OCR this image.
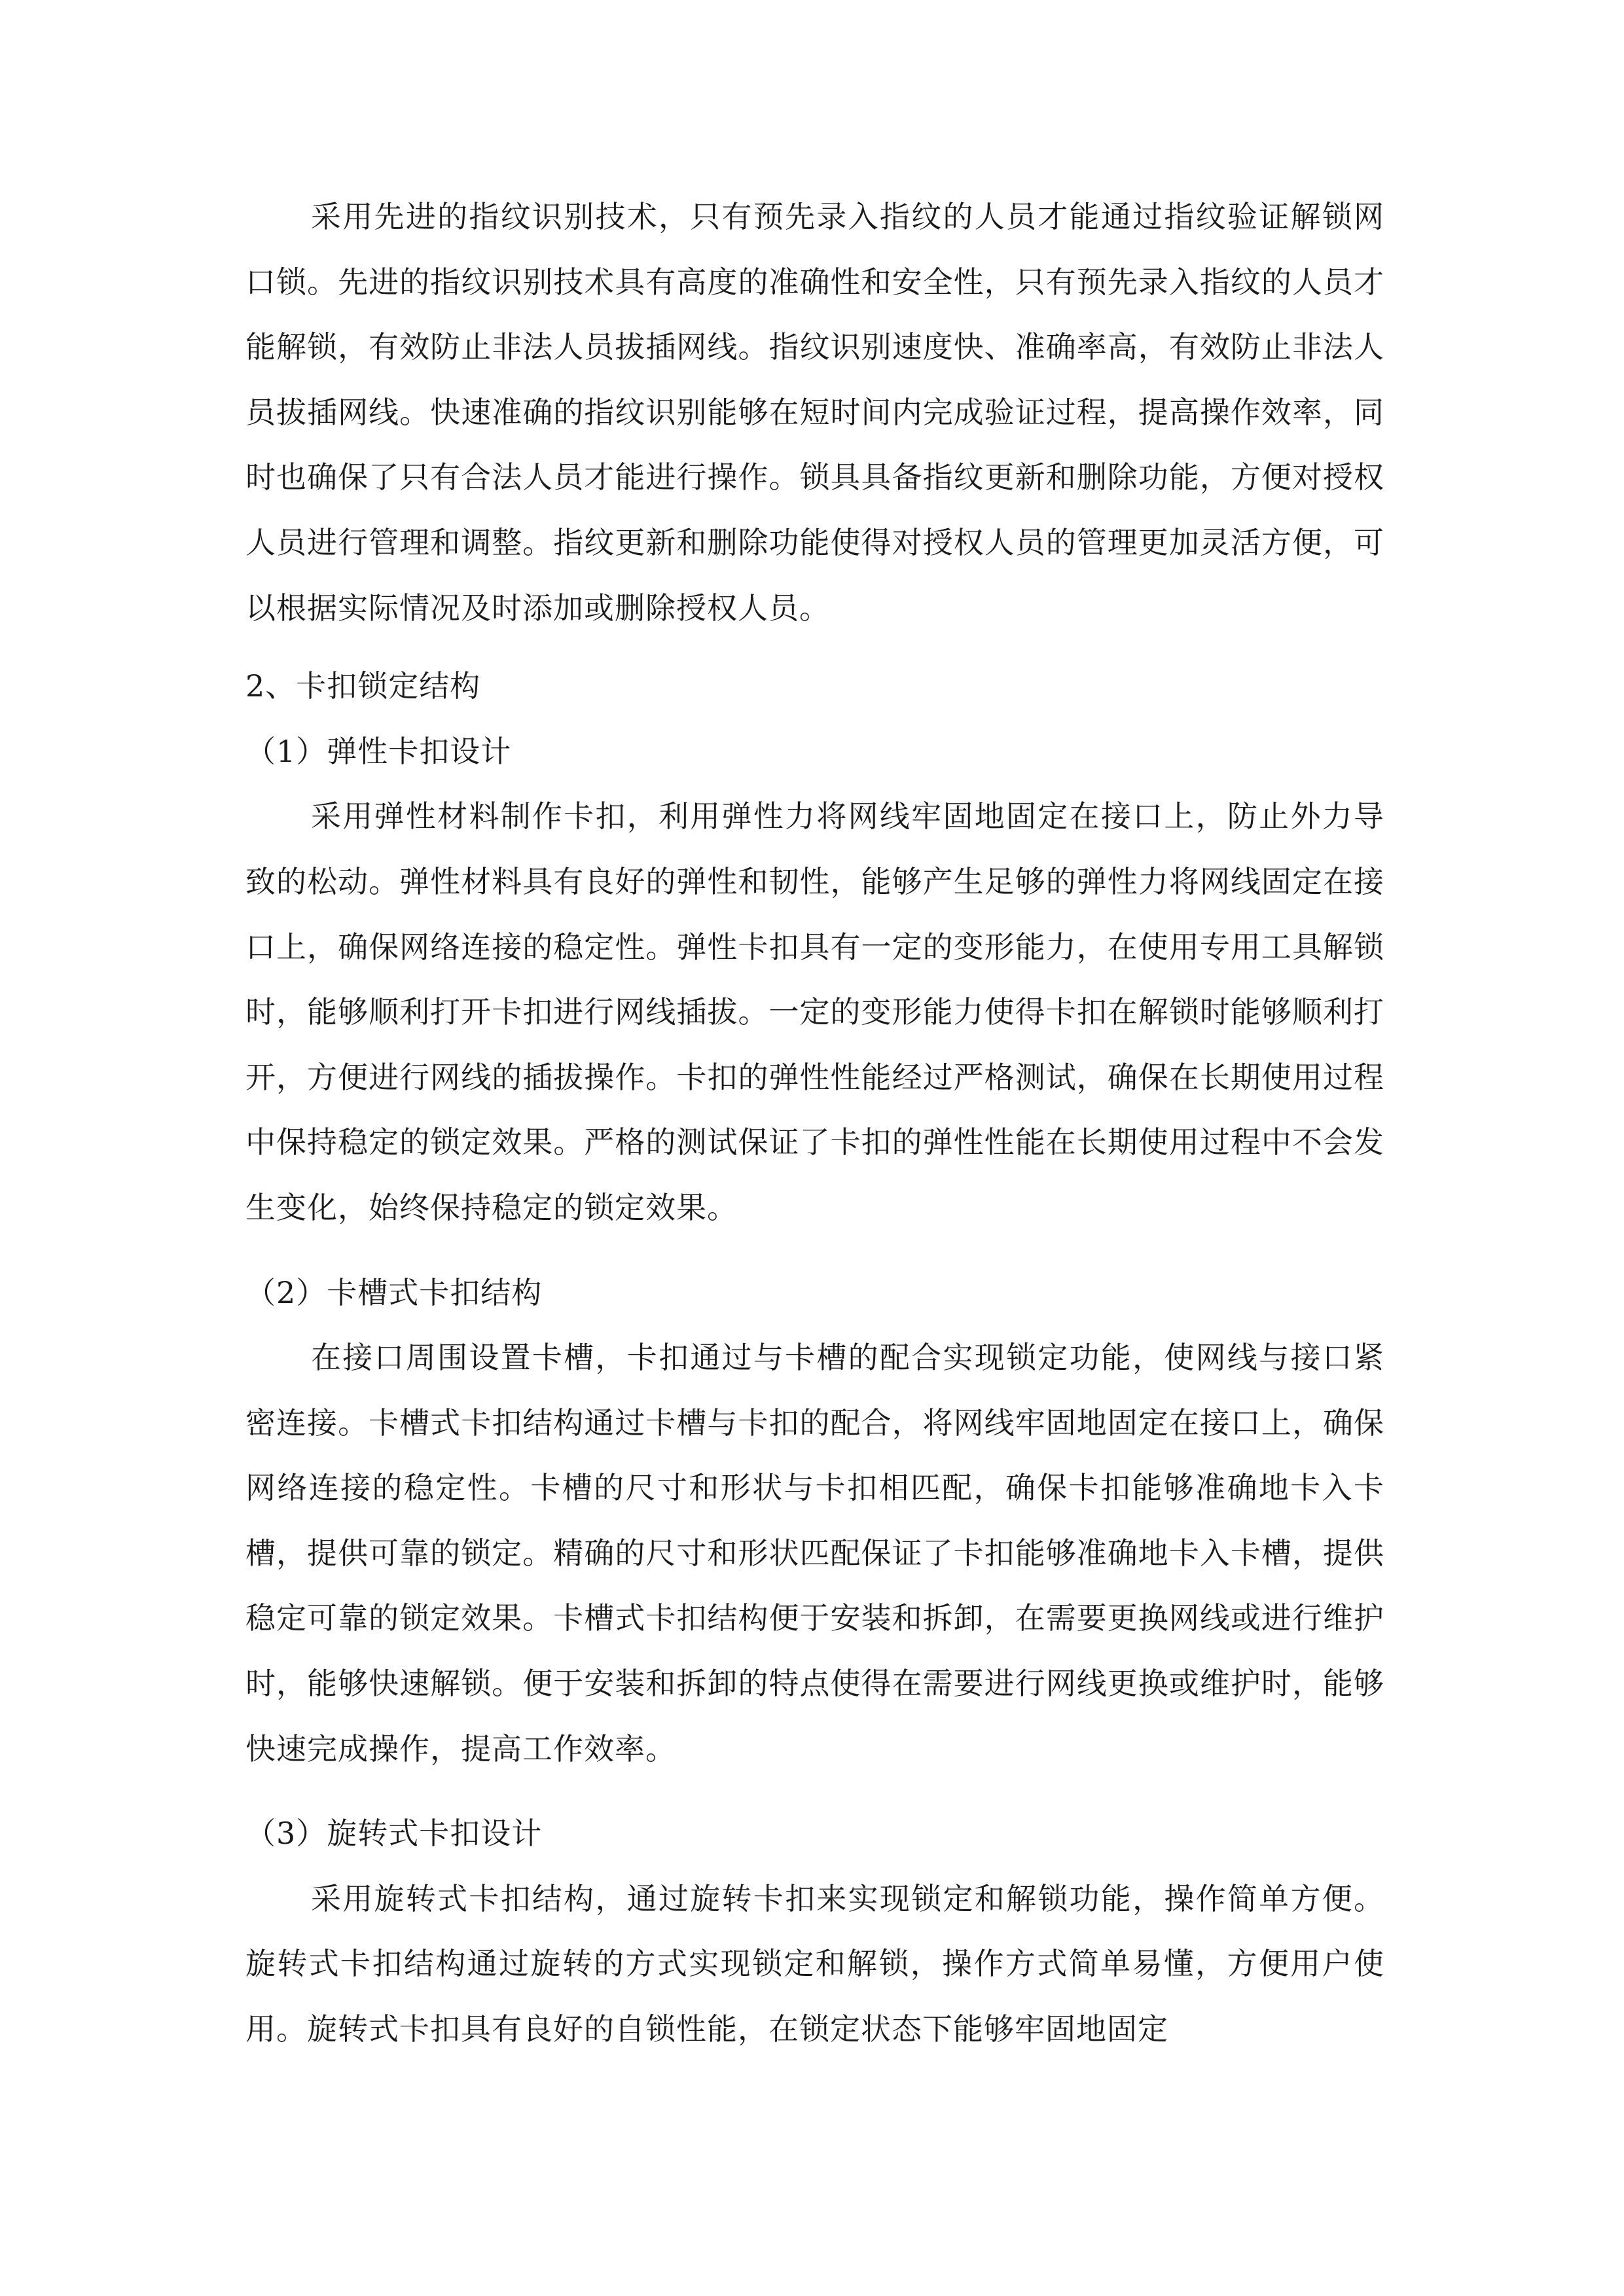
采用先进的指纹识别技术，只有预先录入指纹的人员才能通过指纹验证解锁网口锁。先进的指纹识别技术具有高度的准确性和安全性，只有预先录入指纹的人员才能解锁，有效防止非法人员拔插网线。指纹识别速度快、准确率高，有效防止非法人员拔插网线。快速准确的指纹识别能够在短时间内完成验证过程，提高操作效率，同时也确保了只有合法人员才能进行操作。锁具具备指纹更新和删除功能，方便对授权人员进行管理和调整。指纹更新和删除功能使得对授权人员的管理更加灵活方便，可以根据实际情况及时添加或删除授权人员。

2、卡扣锁定结构

（1）弹性卡扣设计

采用弹性材料制作卡扣，利用弹性力将网线牢固地固定在接口上，防止外力导致的松动。弹性材料具有良好的弹性和韧性，能够产生足够的弹性力将网线固定在接口上，确保网络连接的稳定性。弹性卡扣具有一定的变形能力，在使用专用工具解锁时，能够顺利打开卡扣进行网线插拔。一定的变形能力使得卡扣在解锁时能够顺利打开，方便进行网线的插拔操作。卡扣的弹性性能经过严格测试，确保在长期使用过程中保持稳定的锁定效果。严格的测试保证了卡扣的弹性性能在长期使用过程中不会发生变化，始终保持稳定的锁定效果。

（2）卡槽式卡扣结构

在接口周围设置卡槽，卡扣通过与卡槽的配合实现锁定功能，使网线与接口紧密连接。卡槽式卡扣结构通过卡槽与卡扣的配合，将网线牢固地固定在接口上，确保网络连接的稳定性。卡槽的尺寸和形状与卡扣相匹配，确保卡扣能够准确地卡入卡槽，提供可靠的锁定。精确的尺寸和形状匹配保证了卡扣能够准确地卡入卡槽，提供稳定可靠的锁定效果。卡槽式卡扣结构便于安装和拆卸，在需要更换网线或进行维护时，能够快速解锁。便于安装和拆卸的特点使得在需要进行网线更换或维护时，能够快速完成操作，提高工作效率。

（3）旋转式卡扣设计

采用旋转式卡扣结构，通过旋转卡扣来实现锁定和解锁功能，操作简单方便。旋转式卡扣结构通过旋转的方式实现锁定和解锁，操作方式简单易懂，方便用户使用。旋转式卡扣具有良好的自锁性能，在锁定状态下能够牢固地固定
